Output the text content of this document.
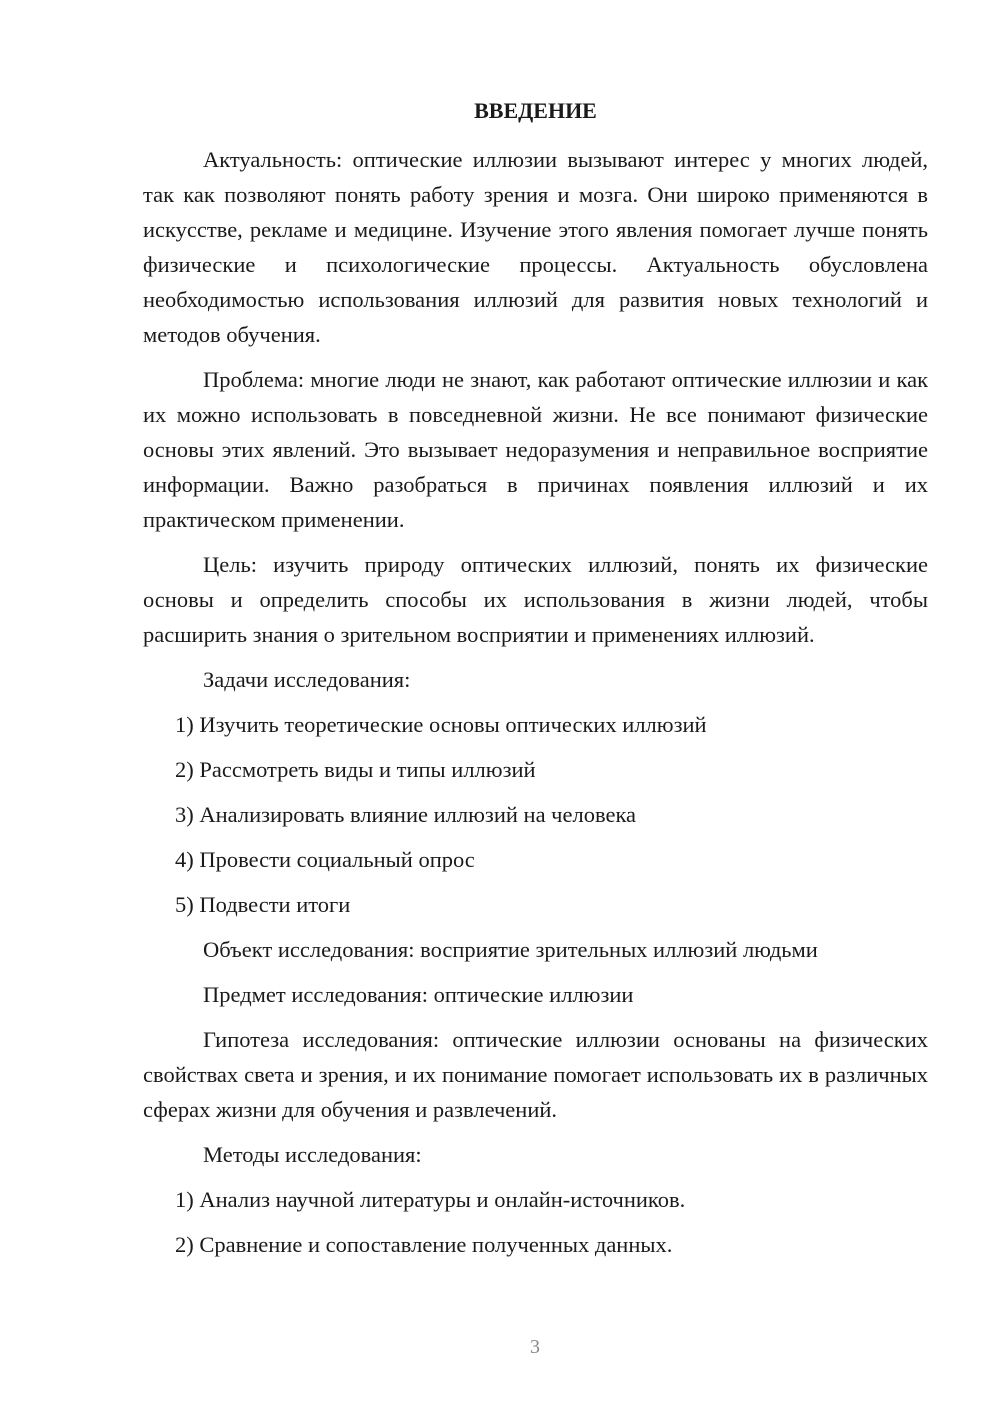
ВВЕДЕНИЕ

Актуальность: оптические иллюзии вызывают интерес у многих людей, так как позволяют понять работу зрения и мозга. Они широко применяются в искусстве, рекламе и медицине. Изучение этого явления помогает лучше понять физические и психологические процессы. Актуальность обусловлена необходимостью использования иллюзий для развития новых технологий и методов обучения.

Проблема: многие люди не знают, как работают оптические иллюзии и как их можно использовать в повседневной жизни. Не все понимают физические основы этих явлений. Это вызывает недоразумения и неправильное восприятие информации. Важно разобраться в причинах появления иллюзий и их практическом применении.

Цель: изучить природу оптических иллюзий, понять их физические основы и определить способы их использования в жизни людей, чтобы расширить знания о зрительном восприятии и применениях иллюзий.

Задачи исследования:

1) Изучить теоретические основы оптических иллюзий

2) Рассмотреть виды и типы иллюзий

3) Анализировать влияние иллюзий на человека

4) Провести социальный опрос

5) Подвести итоги

Объект исследования: восприятие зрительных иллюзий людьми

Предмет исследования: оптические иллюзии

Гипотеза исследования: оптические иллюзии основаны на физических свойствах света и зрения, и их понимание помогает использовать их в различных сферах жизни для обучения и развлечений.

Методы исследования:

1) Анализ научной литературы и онлайн-источников.

2) Сравнение и сопоставление полученных данных.

3
